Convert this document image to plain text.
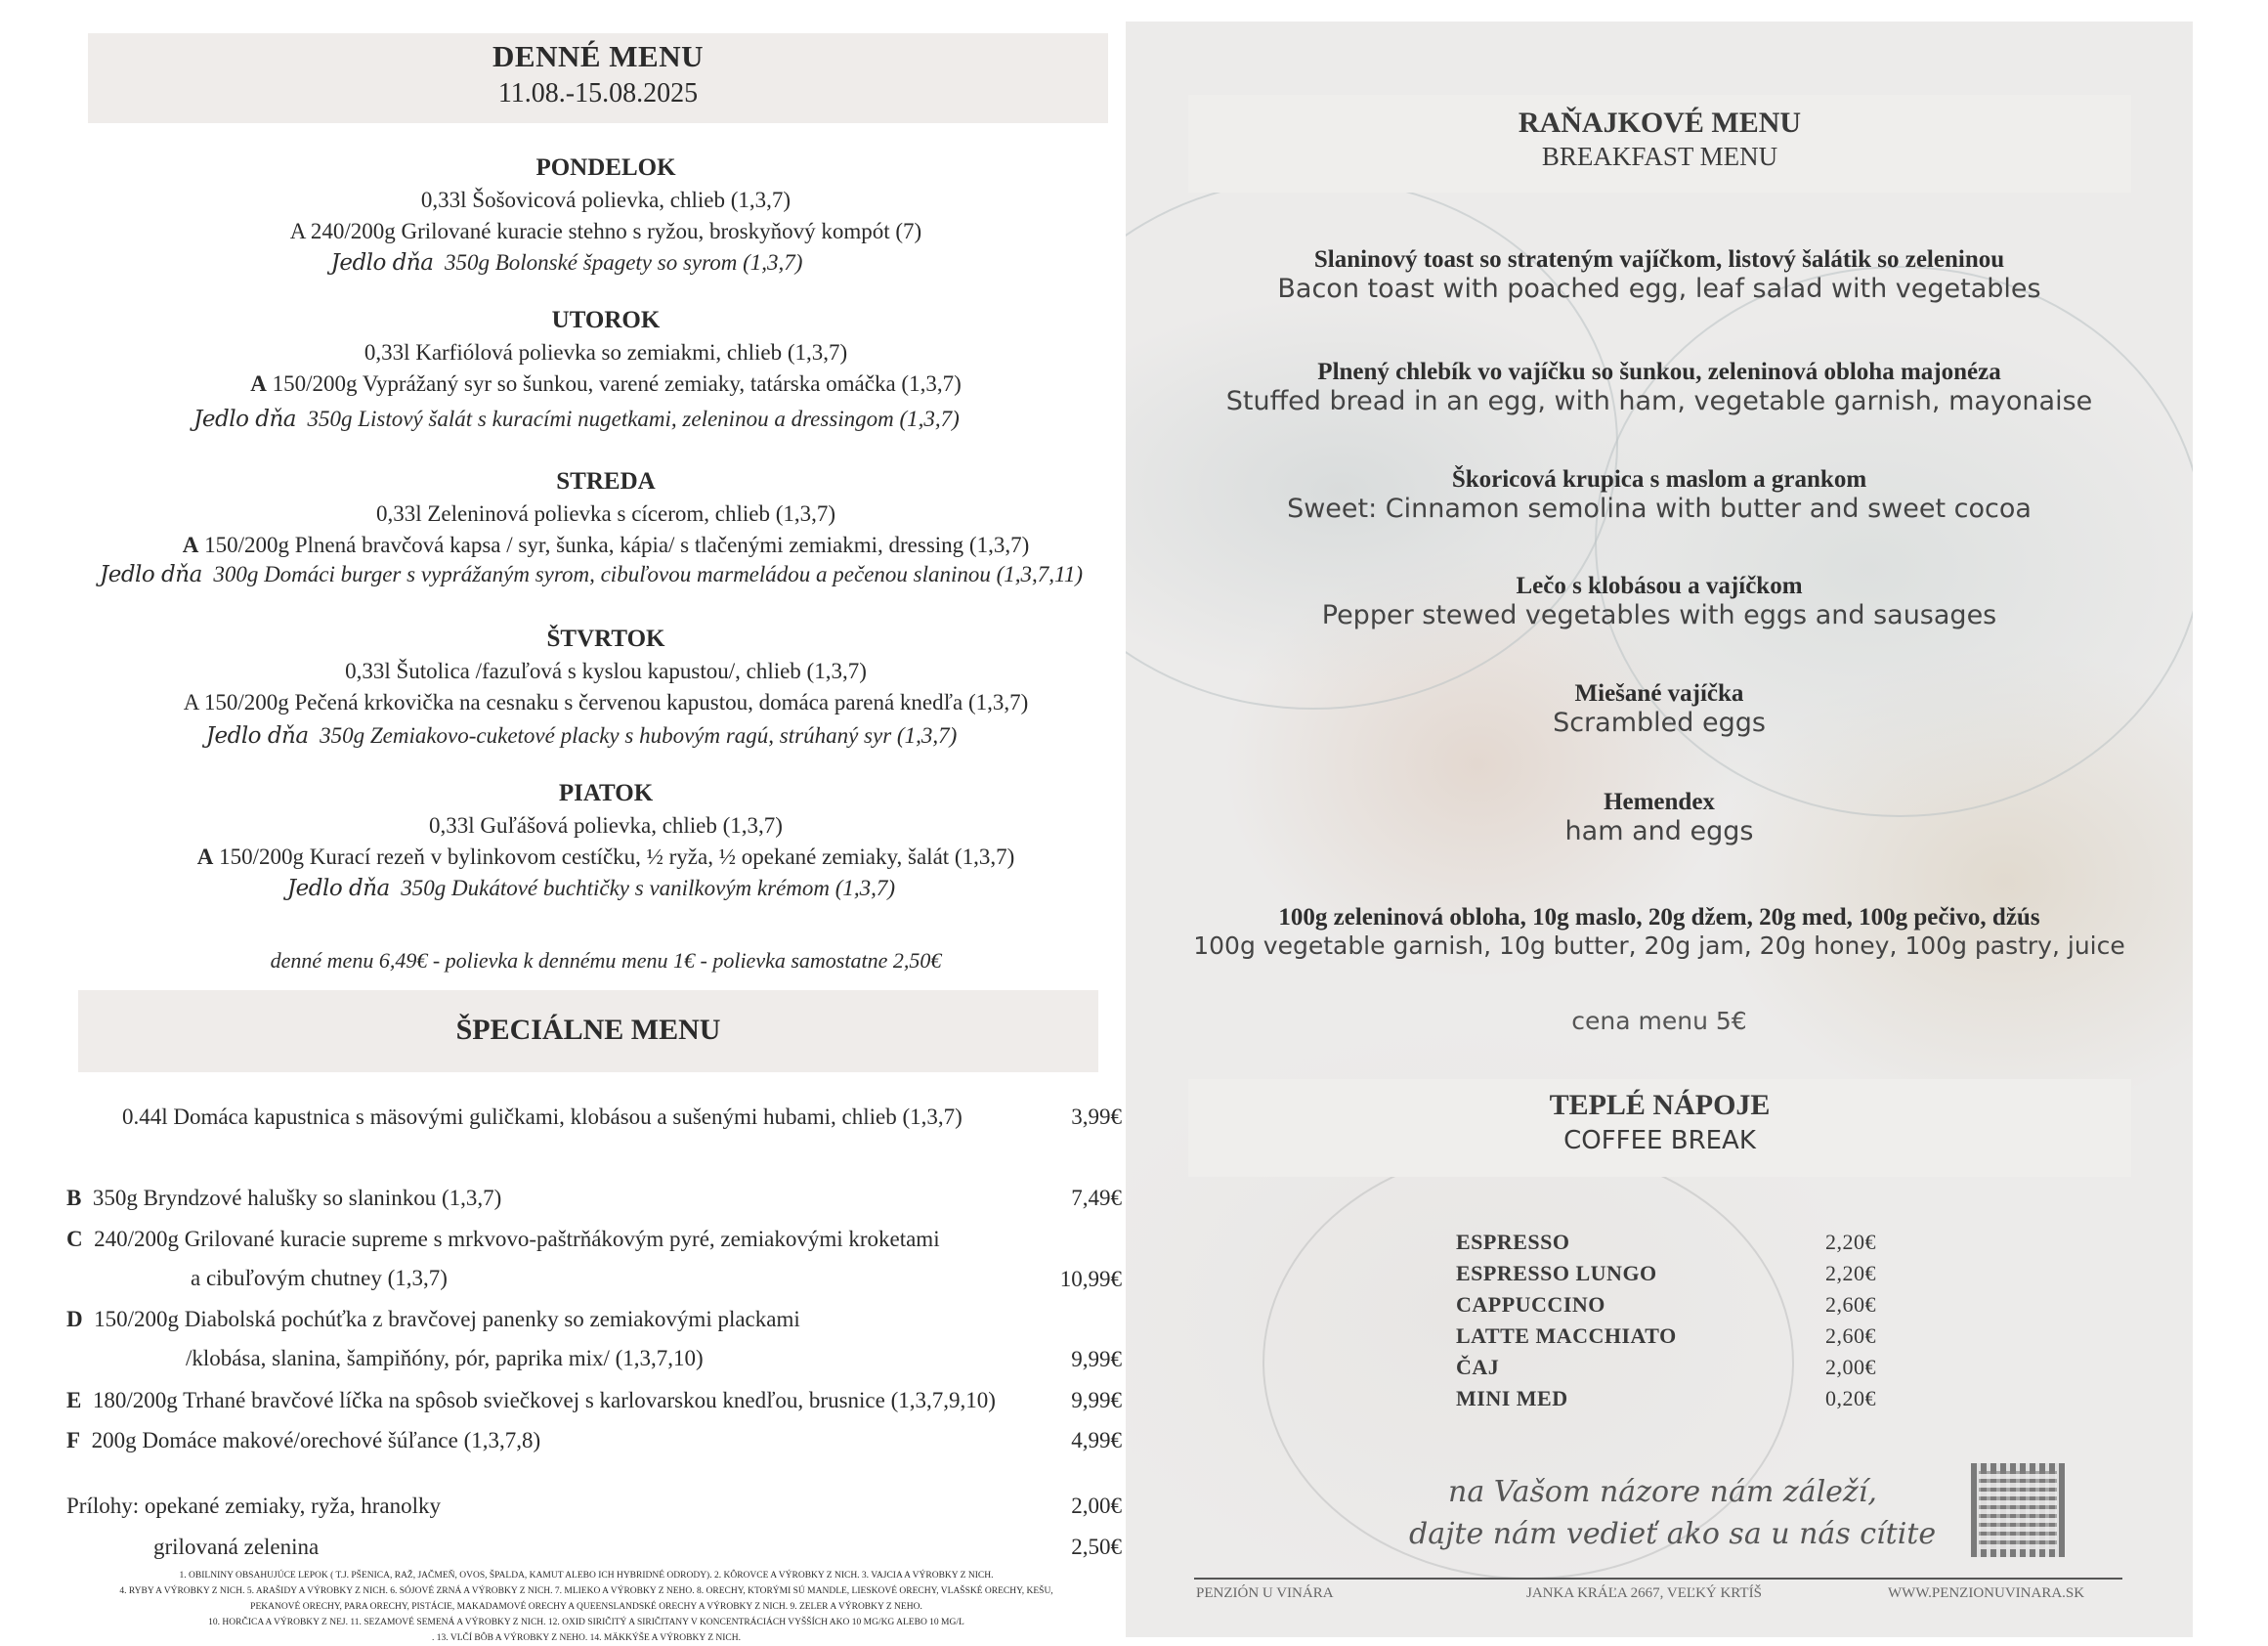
DENNÉ MENU
11.08.-15.08.2025
PONDELOK
0,33l Šošovicová polievka, chlieb (1,3,7)
A 240/200g Grilované kuracie stehno s ryžou, broskyňový kompót (7)
Jedlo dňa 350g Bolonské špagety so syrom (1,3,7)
UTOROK
0,33l Karfiólová polievka so zemiakmi, chlieb (1,3,7)
A 150/200g Vyprážaný syr so šunkou, varené zemiaky, tatárska omáčka (1,3,7)
Jedlo dňa 350g Listový šalát s kuracími nugetkami, zeleninou a dressingom (1,3,7)
STREDA
0,33l Zeleninová polievka s cícerom, chlieb (1,3,7)
A 150/200g Plnená bravčová kapsa / syr, šunka, kápia/ s tlačenými zemiakmi, dressing (1,3,7)
Jedlo dňa 300g Domáci burger s vyprážaným syrom, cibuľovou marmeládou a pečenou slaninou (1,3,7,11)
ŠTVRTOK
0,33l Šutolica /fazuľová s kyslou kapustou/, chlieb (1,3,7)
A 150/200g Pečená krkovička na cesnaku s červenou kapustou, domáca parená knedľa (1,3,7)
Jedlo dňa 350g Zemiakovo-cuketové placky s hubovým ragú, strúhaný syr (1,3,7)
PIATOK
0,33l Guľášová polievka, chlieb (1,3,7)
A 150/200g Kurací rezeň v bylinkovom cestíčku, ½ ryža, ½ opekané zemiaky, šalát (1,3,7)
Jedlo dňa 350g Dukátové buchtičky s vanilkovým krémom (1,3,7)
denné menu 6,49€ - polievka k dennému menu 1€ - polievka samostatne 2,50€
ŠPECIÁLNE MENU
0.44l Domáca kapustnica s mäsovými guličkami, klobásou a sušenými hubami, chlieb (1,3,7)	3,99€
B 350g Bryndzové halušky so slaninkou (1,3,7)	7,49€
C 240/200g Grilované kuracie supreme s mrkvovo-paštrňákovým pyré, zemiakovými kroketami
a cibuľovým chutney (1,3,7)	10,99€
D 150/200g Diabolská pochúťka z bravčovej panenky so zemiakovými plackami
/klobása, slanina, šampiňóny, pór, paprika mix/ (1,3,7,10)	9,99€
E 180/200g Trhané bravčové líčka na spôsob sviečkovej s karlovarskou knedľou, brusnice (1,3,7,9,10)	9,99€
F 200g Domáce makové/orechové šúľance (1,3,7,8)	4,99€
Prílohy: opekané zemiaky, ryža, hranolky	2,00€
grilovaná zelenina	2,50€
1. OBILNINY OBSAHUJÚCE LEPOK ( T.J. PŠENICA, RAŽ, JAČMEŇ, OVOS, ŠPALDA, KAMUT ALEBO ICH HYBRIDNÉ ODRODY). 2. KÔROVCE A VÝROBKY Z NICH. 3. VAJCIA A VÝROBKY Z NICH.
4. RYBY A VÝROBKY Z NICH. 5. ARAŠIDY A VÝROBKY Z NICH. 6. SÓJOVÉ ZRNÁ A VÝROBKY Z NICH. 7. MLIEKO A VÝROBKY Z NEHO. 8. ORECHY, KTORÝMI SÚ MANDLE, LIESKOVÉ ORECHY, VLAŠSKÉ ORECHY, KEŠU,
PEKANOVÉ ORECHY, PARA ORECHY, PISTÁCIE, MAKADAMOVÉ ORECHY A QUEENSLANDSKÉ ORECHY A VÝROBKY Z NICH. 9. ZELER A VÝROBKY Z NEHO.
10. HORČICA A VÝROBKY Z NEJ. 11. SEZAMOVÉ SEMENÁ A VÝROBKY Z NICH. 12. OXID SIRIČITÝ A SIRIČITANY V KONCENTRÁCIÁCH VYŠŠÍCH AKO 10 MG/KG ALEBO 10 MG/L
. 13. VLČÍ BÔB A VÝROBKY Z NEHO. 14. MÄKKÝŠE A VÝROBKY Z NICH.
RAŇAJKOVÉ MENU
BREAKFAST MENU
Slaninový toast so strateným vajíčkom, listový šalátik so zeleninou
Bacon toast with poached egg, leaf salad with vegetables
Plnený chlebík vo vajíčku so šunkou, zeleninová obloha majonéza
Stuffed bread in an egg, with ham, vegetable garnish, mayonaise
Škoricová krupica s maslom a grankom
Sweet: Cinnamon semolina with butter and sweet cocoa
Lečo s klobásou a vajíčkom
Pepper stewed vegetables with eggs and sausages
Miešané vajíčka
Scrambled eggs
Hemendex
ham and eggs
100g zeleninová obloha, 10g maslo, 20g džem, 20g med, 100g pečivo, džús
100g vegetable garnish, 10g butter, 20g jam, 20g honey, 100g pastry, juice
cena menu 5€
TEPLÉ NÁPOJE
COFFEE BREAK
ESPRESSO	2,20€
ESPRESSO LUNGO	2,20€
CAPPUCCINO	2,60€
LATTE MACCHIATO	2,60€
ČAJ	2,00€
MINI MED	0,20€
na Vašom názore nám záleží,
dajte nám vedieť ako sa u nás cítite
PENZIÓN U VINÁRA	JANKA KRÁĽA 2667, VEĽKÝ KRTÍŠ	WWW.PENZIONUVINARA.SK
